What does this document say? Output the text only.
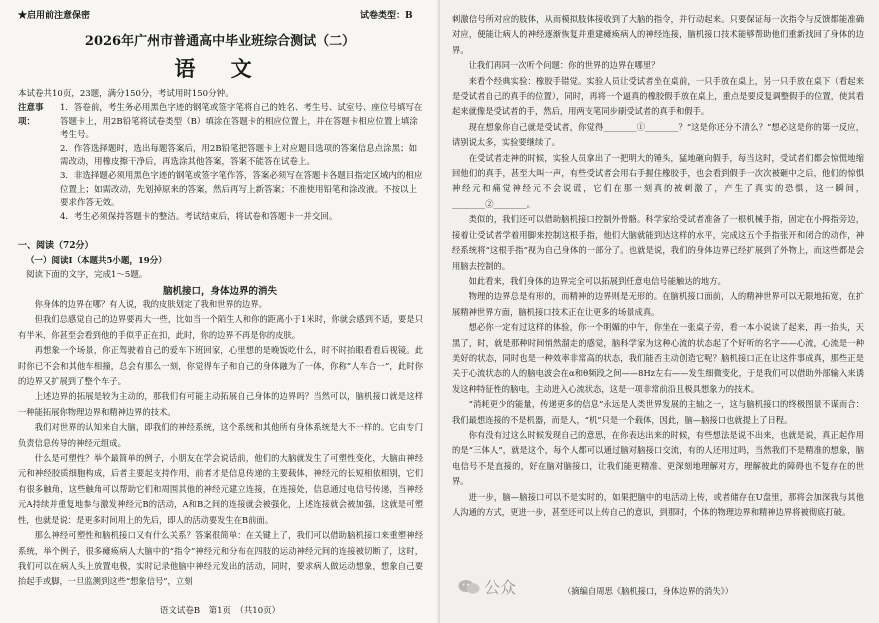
★启用前注意保密	试卷类型：B
2026年广州市普通高中毕业班综合测试（二）
语 文
本试卷共10页，23题，满分150分，考试用时150分钟。
注意事项：
1．答卷前，考生务必用黑色字迹的钢笔或签字笔将自己的姓名、考生号、试室号、座位号填写在答题卡上，用2B铅笔将试卷类型（B）填涂在答题卡的相应位置上，并在答题卡相应位置上填涂考生号。
2．作答选择题时，选出每题答案后，用2B铅笔把答题卡上对应题目选项的答案信息点涂黑；如需改动，用橡皮擦干净后，再选涂其他答案，答案不能答在试卷上。
3．非选择题必须用黑色字迹的钢笔或签字笔作答，答案必须写在答题卡各题目指定区域内的相应位置上；如需改动，先划掉原来的答案，然后再写上新答案；不准使用铅笔和涂改液。不按以上要求作答无效。
4．考生必须保持答题卡的整洁。考试结束后，将试卷和答题卡一并交回。
一、阅读（72分）
（一）阅读Ⅰ（本题共5小题，19分）
阅读下面的文字，完成1～5题。
脑机接口，身体边界的消失

你身体的边界在哪？有人说，我的皮肤划定了我和世界的边界。

但我们总感觉自己的边界要再大一些，比如当一个陌生人和你的距离小于1米时，你就会感到不适，要是只有半米，你甚至会看到他的手似乎正在扣，此时，你的边界不再是你的皮肤。

再想象一个场景，你正驾驶着自己的爱车下班回家，心里想的是晚饭吃什么，时不时抬眼看看后视镜。此时你已不会和其他车相撞，总会有那么一刻，你觉得车子和自己的身体融为了一体，你称“人车合一”，此时你的边界又扩展到了整个车子。

上述边界的拓展是较为主动的，那我们有可能主动拓展自己身体的边界吗？当然可以，脑机接口就是这样一种能拓展你物理边界和精神边界的技术。

我们对世界的认知来自大脑，即我们的神经系统，这个系统和其他所有身体系统是大不一样的。它由专门负责信息传导的神经元组成。

什么是可塑性？举个最简单的例子，小朋友在学会说话前，他们的大脑就发生了可塑性变化，大脑由神经元和神经胶质细胞构成，后者主要起支持作用，前者才是信息传递的主要载体，神经元的长短相依相别，它们有很多触角，这些触角可以帮助它们和周围其他的神经元建立连接，在连接处，信息通过电信号传递，当神经元A持续并重复地参与激发神经元B的活动，A和B之间的连接就会被强化，上述连接就会被加强，这就是可塑性，也就是说：是更多时间用上的先后，即人的活动要发生在B前面。

那么神经可塑性和脑机接口又有什么关系？答案很简单：在关键上了，我们可以借助脑机接口来重塑神经系统，举个例子，很多瘫痪病人大脑中的“指令”神经元和分布在四肢的运动神经元间的连接被切断了，这时，我们可以在病人头上放置电极，实时记录他脑中神经元发出的活动，同时，要求病人做运动想象，想象自己要抬起手或脚，一旦监测到这些“想象信号”，立刻

语文试卷B　第1页　（共10页）

刺激信号所对应的肢体，从而模拟肢体接收到了大脑的指令，并行动起来。只要保证每一次指令与反馈都能准确对应，便能让病人的神经逐渐恢复并重建瘫痪病人的神经连接，脑机接口技术能够帮助他们重新找回了身体的边界。

让我们再同一次听个问题：你的世界的边界在哪里？

来看个经典实验：橡胶手错觉。实验人员让受试者坐在桌前，一只手放在桌上，另一只手放在桌下（看起来是受试者自己的真手的位置），同时，再将一个逼真的橡胶假手放在桌上，重点是要反复调整假手的位置，使其看起来就像是受试者的手，然后，用两支笔同步刷受试者的真手和假手。

现在想象你自己就是受试者，你觉得________①________？“这是你还分不清么？”想必这是你的第一反应，请别说太多，实验要继续了。

在受试者走神的时候，实验人员拿出了一把明大的锤头，猛地砸向假手，每当这时，受试者们都会惊慌地缩回他们的真手，甚至大叫一声，有些受试者会用右手握住橡胶手，也会看到假手一次次被砸中之后，他们的惊惧神经元和痛觉神经元不会说谎，它们在那一刻真的被刺激了，产生了真实的恐惧，这一瞬间，________②________。

类似的，我们还可以借助脑机接口控制外骨骼。科学家给受试者准备了一根机械手指，固定在小拇指旁边，接着让受试者学着用脚来控制这根手指，他们大脑就能到达这样的水平，完成这五个手指张开和闭合的动作，神经系统将“这根手指”视为自己身体的一部分了。也就是说，我们的身体边界已经扩展到了外物上，而这些都是会用脑去控制的。

如此看来，我们身体的边界完全可以拓展到任意电信号能触达的地方。

物理的边界总是有形的，而精神的边界则是无形的。在脑机接口面前，人的精神世界可以无限地拓宽，在扩展精神世界方面，脑机接口技术正在让更多的场景成真。

想必你一定有过这样的体验，你一个明媚的中午，你坐在一张桌子旁，看一本小说读了起来，再一抬头，天黑了，时，就是那种时间悄然溜走的感觉，脑科学家为这种心流的状态起了个好听的名字——心流，心流是一种美好的状态，同时也是一种效率非常高的状态，我们能否主动创造它呢？脑机接口正在让这件事成真，那些正是关于心流状态的人的脑电波会在α和θ频段之间——8Hz左右——发生细微变化，于是我们可以借助外部输入来诱发这种特征性的脑电，主动进入心流状态，这是一项非常前沿且极具想象力的技术。

“消耗更少的能量，传递更多的信息”永远是人类世界发展的主轴之一，这与脑机接口的终极图景不谋而合：我们最想连接的不是机器，而是人，“机”只是一个载体，因此，脑—脑接口也就提上了日程。

你有没有过这么时候发现自己的意思，在你表达出来的时候，有些想法是说不出来，也就是说，真正起作用的是“三体人”，就是这个，每个人都可以通过脑对脑接口交流，有的人还用过吗，当然我们不是精准的想象，脑电信号不是直接的，好在脑对脑接口，让我们能更精准、更深刻地理解对方，理解彼此的障碍也不复存在的世界。

进一步，脑—脑接口可以不是实时的，如果把脑中的电活动上传，或者储存在U盘里，那将会加深我与其他人沟通的方式，更进一步，甚至还可以上传自己的意识，到那时，个体的物理边界和精神边界将被彻底打破。

公众	（摘编自周思《脑机接口，身体边界的消失》）
